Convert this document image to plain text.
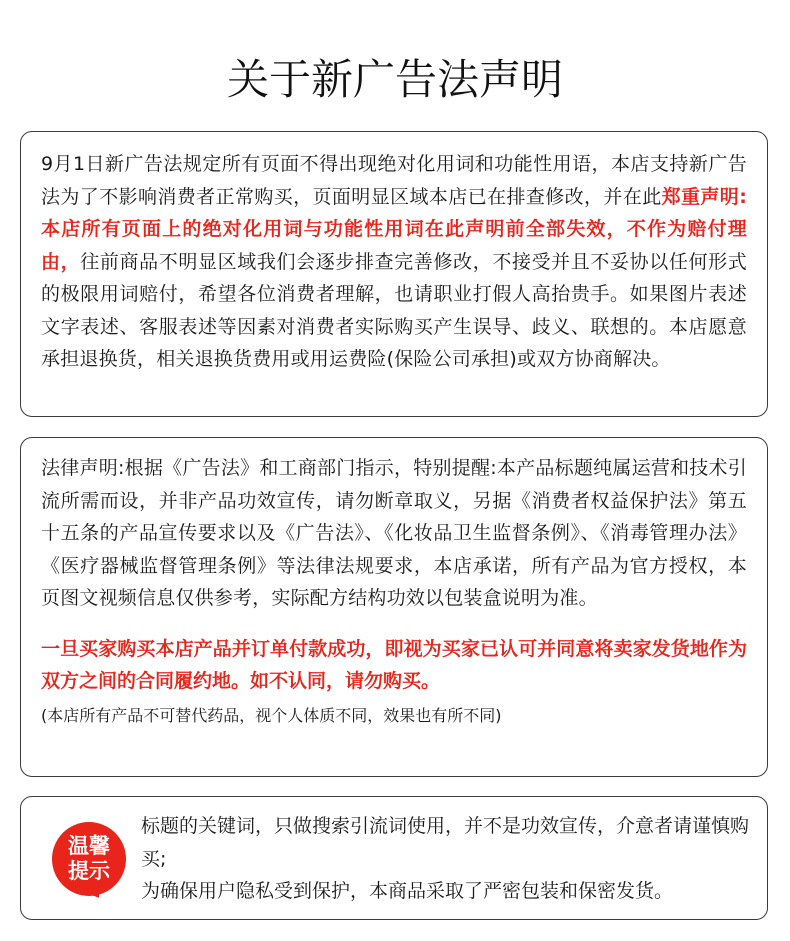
关于新广告法声明

9月1日新广告法规定所有页面不得出现绝对化用词和功能性用语，本店支持新广告法为了不影响消费者正常购买，页面明显区域本店已在排查修改，并在此郑重声明:本店所有页面上的绝对化用词与功能性用词在此声明前全部失效，不作为赔付理由，往前商品不明显区域我们会逐步排查完善修改，不接受并且不妥协以任何形式的极限用词赔付，希望各位消费者理解，也请职业打假人高抬贵手。如果图片表述文字表述、客服表述等因素对消费者实际购买产生误导、歧义、联想的。本店愿意承担退换货，相关退换货费用或用运费险(保险公司承担)或双方协商解决。

法律声明:根据《广告法》和工商部门指示，特别提醒:本产品标题纯属运营和技术引流所需而设，并非产品功效宣传，请勿断章取义，另据《消费者权益保护法》第五十五条的产品宣传要求以及《广告法》、《化妆品卫生监督条例》、《消毒管理办法》《医疗器械监督管理条例》等法律法规要求，本店承诺，所有产品为官方授权，本页图文视频信息仅供参考，实际配方结构功效以包装盒说明为准。

一旦买家购买本店产品并订单付款成功，即视为买家已认可并同意将卖家发货地作为双方之间的合同履约地。如不认同，请勿购买。

(本店所有产品不可替代药品，视个人体质不同，效果也有所不同)

温馨
提示

标题的关键词，只做搜索引流词使用，并不是功效宣传，介意者请谨慎购买;

为确保用户隐私受到保护，本商品采取了严密包装和保密发货。
